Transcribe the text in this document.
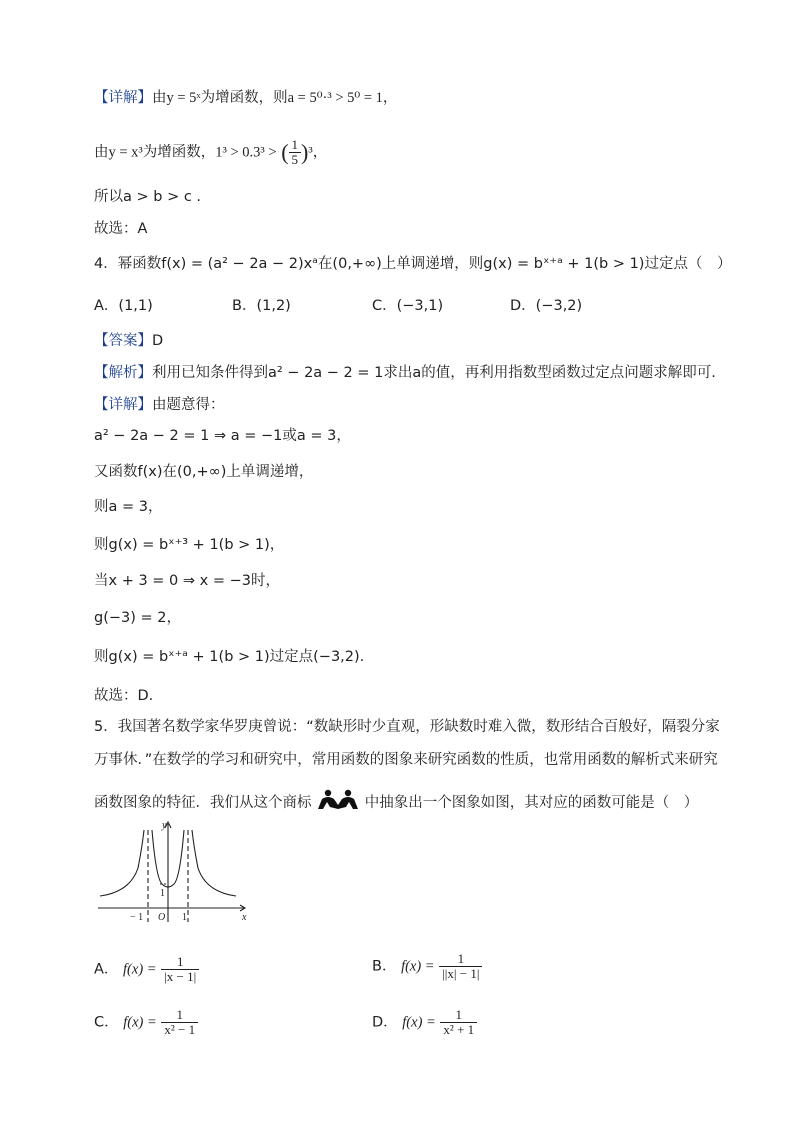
【详解】由y = 5ˣ为增函数，则a = 5⁰·³ > 5⁰ = 1，
由y = x³为增函数，1³ > 0.3³ > ( $\frac{1}{5} )^3$，
所以a > b > c .
故选：A
4．幂函数f(x) = (a² − 2a − 2)xᵃ在(0,+∞)上单调递增，则g(x) = bˣ⁺ᵃ + 1(b > 1)过定点（　）
A．(1,1)	B．(1,2)	C．(−3,1)	D．(−3,2)
【答案】D
【解析】利用已知条件得到a² − 2a − 2 = 1求出a的值，再利用指数型函数过定点问题求解即可.
【详解】由题意得：
a² − 2a − 2 = 1 ⇒ a = −1或a = 3，
又函数f(x)在(0,+∞)上单调递增，
则a = 3，
则g(x) = bˣ⁺³ + 1(b > 1)，
当x + 3 = 0 ⇒ x = −3时，
g(−3) = 2，
则g(x) = bˣ⁺ᵃ + 1(b > 1)过定点(−3,2).
故选：D.
5．我国著名数学家华罗庚曾说：“数缺形时少直观，形缺数时难入微，数形结合百般好，隔裂分家
万事休．”在数学的学习和研究中，常用函数的图象来研究函数的性质，也常用函数的解析式来研究
函数图象的特征．我们从这个商标	中抽象出一个图象如图，其对应的函数可能是（　）
y
x
O
− 1	1
1
A． $f(x) = \frac{1}{|x - 1|}$	B． $f(x) = \frac{1}{||x| - 1|}$
C． $f(x) = \frac{1}{\text{x² − 1}}$	D． $f(x) = \frac{1}{\text{x² + 1}}$
